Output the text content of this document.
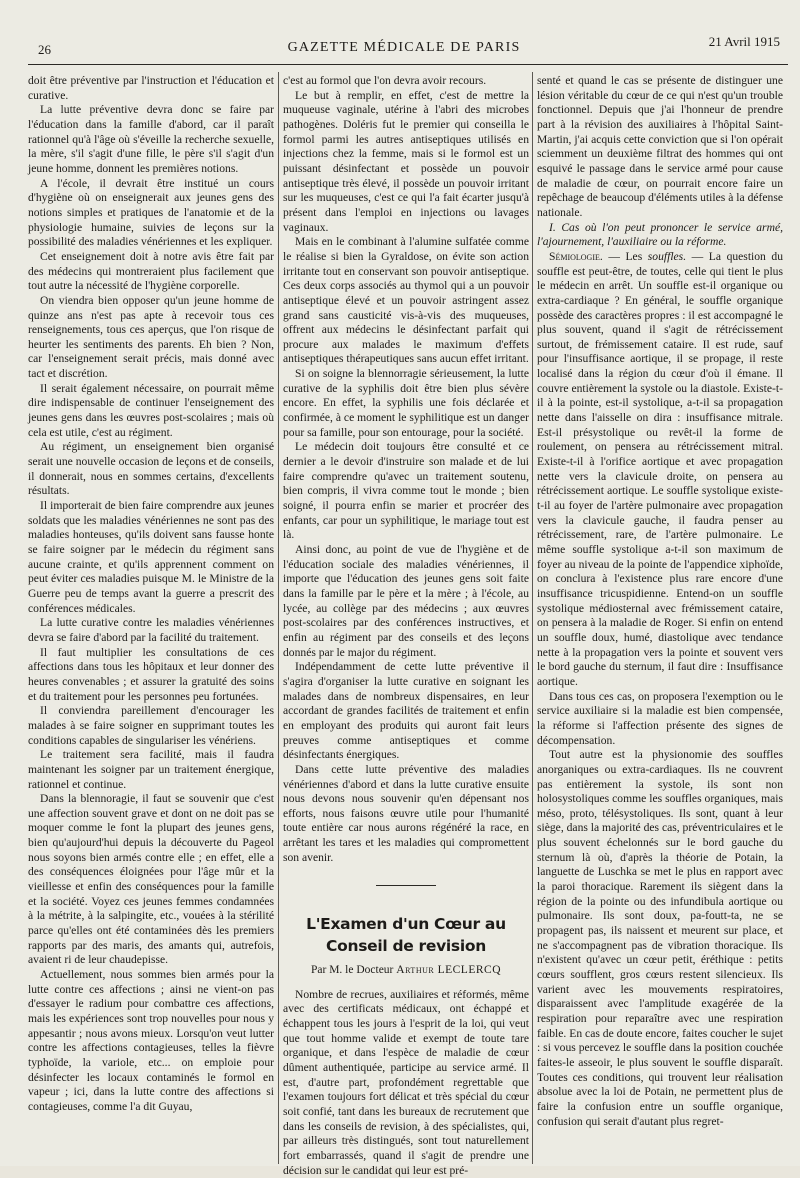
26	GAZETTE MÉDICALE DE PARIS	21 Avril 1915

doit être préventive par l'instruction et l'éducation et curative.

La lutte préventive devra donc se faire par l'éducation dans la famille d'abord, car il paraît rationnel qu'à l'âge où s'éveille la recherche sexuelle, la mère, s'il s'agit d'une fille, le père s'il s'agit d'un jeune homme, donnent les premières notions.

A l'école, il devrait être institué un cours d'hygiène où on enseignerait aux jeunes gens des notions simples et pratiques de l'anatomie et de la physiologie humaine, suivies de leçons sur la possibilité des maladies vénériennes et les expliquer.

Cet enseignement doit à notre avis être fait par des médecins qui montreraient plus facilement que tout autre la nécessité de l'hygiène corporelle.

On viendra bien opposer qu'un jeune homme de quinze ans n'est pas apte à recevoir tous ces renseignements, tous ces aperçus, que l'on risque de heurter les sentiments des parents. Eh bien ? Non, car l'enseignement serait précis, mais donné avec tact et discrétion.

Il serait également nécessaire, on pourrait même dire indispensable de continuer l'enseignement des jeunes gens dans les œuvres post-scolaires ; mais où cela est utile, c'est au régiment.

Au régiment, un enseignement bien organisé serait une nouvelle occasion de leçons et de conseils, il donnerait, nous en sommes certains, d'excellents résultats.

Il importerait de bien faire comprendre aux jeunes soldats que les maladies vénériennes ne sont pas des maladies honteuses, qu'ils doivent sans fausse honte se faire soigner par le médecin du régiment sans aucune crainte, et qu'ils apprennent comment on peut éviter ces maladies puisque M. le Ministre de la Guerre peu de temps avant la guerre a prescrit des conférences médicales.

La lutte curative contre les maladies vénériennes devra se faire d'abord par la facilité du traitement.

Il faut multiplier les consultations de ces affections dans tous les hôpitaux et leur donner des heures convenables ; et assurer la gratuité des soins et du traitement pour les personnes peu fortunées.

Il conviendra pareillement d'encourager les malades à se faire soigner en supprimant toutes les conditions capables de singulariser les vénériens.

Le traitement sera facilité, mais il faudra maintenant les soigner par un traitement énergique, rationnel et continue.

Dans la blennoragie, il faut se souvenir que c'est une affection souvent grave et dont on ne doit pas se moquer comme le font la plupart des jeunes gens, bien qu'aujourd'hui depuis la découverte du Pageol nous soyons bien armés contre elle ; en effet, elle a des conséquences éloignées pour l'âge mûr et la vieillesse et enfin des conséquences pour la famille et la société. Voyez ces jeunes femmes condamnées à la métrite, à la salpingite, etc., vouées à la stérilité parce qu'elles ont été contaminées dès les premiers rapports par des maris, des amants qui, autrefois, avaient ri de leur chaudepisse.

Actuellement, nous sommes bien armés pour la lutte contre ces affections ; ainsi ne vient-on pas d'essayer le radium pour combattre ces affections, mais les expériences sont trop nouvelles pour nous y appesantir ; nous avons mieux. Lorsqu'on veut lutter contre les affections contagieuses, telles la fièvre typhoïde, la variole, etc... on emploie pour désinfecter les locaux contaminés le formol en vapeur ; ici, dans la lutte contre des affections si contagieuses, comme l'a dit Guyau,

c'est au formol que l'on devra avoir recours.

Le but à remplir, en effet, c'est de mettre la muqueuse vaginale, utérine à l'abri des microbes pathogènes. Doléris fut le premier qui conseilla le formol parmi les autres antiseptiques utilisés en injections chez la femme, mais si le formol est un puissant désinfectant et possède un pouvoir antiseptique très élevé, il possède un pouvoir irritant sur les muqueuses, c'est ce qui l'a fait écarter jusqu'à présent dans l'emploi en injections ou lavages vaginaux.

Mais en le combinant à l'alumine sulfatée comme le réalise si bien la Gyraldose, on évite son action irritante tout en conservant son pouvoir antiseptique. Ces deux corps associés au thymol qui a un pouvoir antiseptique élevé et un pouvoir astringent assez grand sans causticité vis-à-vis des muqueuses, offrent aux médecins le désinfectant parfait qui procure aux malades le maximum d'effets antiseptiques thérapeutiques sans aucun effet irritant.

Si on soigne la blennorragie sérieusement, la lutte curative de la syphilis doit être bien plus sévère encore. En effet, la syphilis une fois déclarée et confirmée, à ce moment le syphilitique est un danger pour sa famille, pour son entourage, pour la société.

Le médecin doit toujours être consulté et ce dernier a le devoir d'instruire son malade et de lui faire comprendre qu'avec un traitement soutenu, bien compris, il vivra comme tout le monde ; bien soigné, il pourra enfin se marier et procréer des enfants, car pour un syphilitique, le mariage tout est là.

Ainsi donc, au point de vue de l'hygiène et de l'éducation sociale des maladies vénériennes, il importe que l'éducation des jeunes gens soit faite dans la famille par le père et la mère ; à l'école, au lycée, au collège par des médecins ; aux œuvres post-scolaires par des conférences instructives, et enfin au régiment par des conseils et des leçons donnés par le major du régiment.

Indépendamment de cette lutte préventive il s'agira d'organiser la lutte curative en soignant les malades dans de nombreux dispensaires, en leur accordant de grandes facilités de traitement et enfin en employant des produits qui auront fait leurs preuves comme antiseptiques et comme désinfectants énergiques.

Dans cette lutte préventive des maladies vénériennes d'abord et dans la lutte curative ensuite nous devons nous souvenir qu'en dépensant nos efforts, nous faisons œuvre utile pour l'humanité toute entière car nous aurons régénéré la race, en arrêtant les tares et les maladies qui compromettent son avenir.

L'Examen d'un Cœur au Conseil de revision
Par M. le Docteur Arthur LECLERCQ

Nombre de recrues, auxiliaires et réformés, même avec des certificats médicaux, ont échappé et échappent tous les jours à l'esprit de la loi, qui veut que tout homme valide et exempt de toute tare organique, et dans l'espèce de maladie de cœur dûment authentiquée, participe au service armé. Il est, d'autre part, profondément regrettable que l'examen toujours fort délicat et très spécial du cœur soit confié, tant dans les bureaux de recrutement que dans les conseils de revision, à des spécialistes, qui, par ailleurs très distingués, sont tout naturellement fort embarrassés, quand il s'agit de prendre une décision sur le candidat qui leur est pré-

senté et quand le cas se présente de distinguer une lésion véritable du cœur de ce qui n'est qu'un trouble fonctionnel. Depuis que j'ai l'honneur de prendre part à la révision des auxiliaires à l'hôpital Saint-Martin, j'ai acquis cette conviction que si l'on opérait sciemment un deuxième filtrat des hommes qui ont esquivé le passage dans le service armé pour cause de maladie de cœur, on pourrait encore faire un repêchage de beaucoup d'éléments utiles à la défense nationale.

I. Cas où l'on peut prononcer le service armé, l'ajournement, l'auxiliaire ou la réforme.

Sémiologie. — Les souffles. — La question du souffle est peut-être, de toutes, celle qui tient le plus le médecin en arrêt. Un souffle est-il organique ou extra-cardiaque ? En général, le souffle organique possède des caractères propres : il est accompagné le plus souvent, quand il s'agit de rétrécissement surtout, de frémissement cataire. Il est rude, sauf pour l'insuffisance aortique, il se propage, il reste localisé dans la région du cœur d'où il émane. Il couvre entièrement la systole ou la diastole. Existe-t-il à la pointe, est-il systolique, a-t-il sa propagation nette dans l'aisselle on dira : insuffisance mitrale. Est-il présystolique ou revêt-il la forme de roulement, on pensera au rétrécissement mitral. Existe-t-il à l'orifice aortique et avec propagation nette vers la clavicule droite, on pensera au rétrécissement aortique. Le souffle systolique existe-t-il au foyer de l'artère pulmonaire avec propagation vers la clavicule gauche, il faudra penser au rétrécissement, rare, de l'artère pulmonaire. Le même souffle systolique a-t-il son maximum de foyer au niveau de la pointe de l'appendice xiphoïde, on conclura à l'existence plus rare encore d'une insuffisance tricuspidienne. Entend-on un souffle systolique médiosternal avec frémissement cataire, on pensera à la maladie de Roger. Si enfin on entend un souffle doux, humé, diastolique avec tendance nette à la propagation vers la pointe et souvent vers le bord gauche du sternum, il faut dire : Insuffisance aortique.

Dans tous ces cas, on proposera l'exemption ou le service auxiliaire si la maladie est bien compensée, la réforme si l'affection présente des signes de décompensation.

Tout autre est la physionomie des souffles anorganiques ou extra-cardiaques. Ils ne couvrent pas entièrement la systole, ils sont non holosystoliques comme les souffles organiques, mais méso, proto, télésystoliques. Ils sont, quant à leur siège, dans la majorité des cas, préventriculaires et le plus souvent échelonnés sur le bord gauche du sternum là où, d'après la théorie de Potain, la languette de Luschka se met le plus en rapport avec la paroi thoracique. Rarement ils siègent dans la région de la pointe ou des infundibula aortique ou pulmonaire. Ils sont doux, pa-foutt-ta, ne se propagent pas, ils naissent et meurent sur place, et ne s'accompagnent pas de vibration thoracique. Ils n'existent qu'avec un cœur petit, éréthique : petits cœurs soufflent, gros cœurs restent silencieux. Ils varient avec les mouvements respiratoires, disparaissent avec l'amplitude exagérée de la respiration pour reparaître avec une respiration faible. En cas de doute encore, faites coucher le sujet : si vous percevez le souffle dans la position couchée faites-le asseoir, le plus souvent le souffle disparaît. Toutes ces conditions, qui trouvent leur réalisation absolue avec la loi de Potain, ne permettent plus de faire la confusion entre un souffle organique, confusion qui serait d'autant plus regret-
